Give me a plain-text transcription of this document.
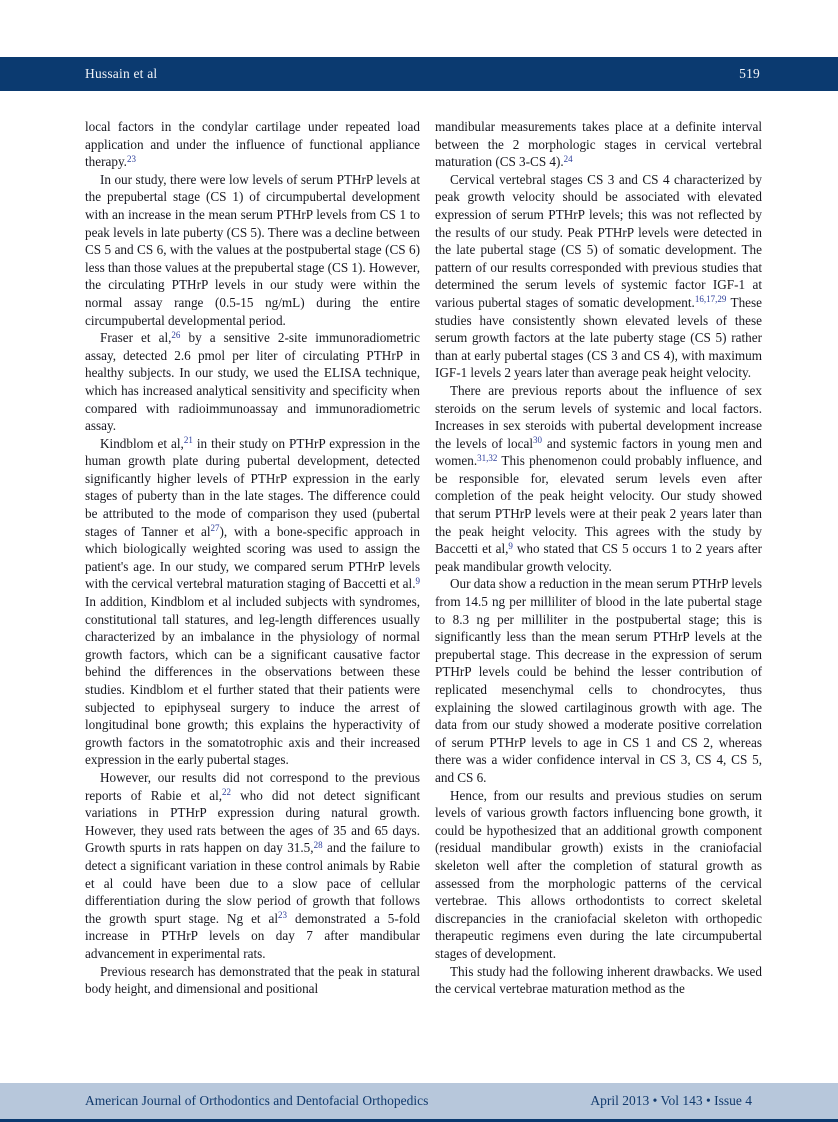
Hussain et al	519

local factors in the condylar cartilage under repeated load application and under the influence of functional appliance therapy.$^{23}$

In our study, there were low levels of serum PTHrP levels at the prepubertal stage (CS 1) of circumpubertal development with an increase in the mean serum PTHrP levels from CS 1 to peak levels in late puberty (CS 5). There was a decline between CS 5 and CS 6, with the values at the postpubertal stage (CS 6) less than those values at the prepubertal stage (CS 1). However, the circulating PTHrP levels in our study were within the normal assay range (0.5-15 ng/mL) during the entire circumpubertal developmental period.

Fraser et al,$^{26}$ by a sensitive 2-site immunoradiometric assay, detected 2.6 pmol per liter of circulating PTHrP in healthy subjects. In our study, we used the ELISA technique, which has increased analytical sensitivity and specificity when compared with radioimmunoassay and immunoradiometric assay.

Kindblom et al,$^{21}$ in their study on PTHrP expression in the human growth plate during pubertal development, detected significantly higher levels of PTHrP expression in the early stages of puberty than in the late stages. The difference could be attributed to the mode of comparison they used (pubertal stages of Tanner et al$^{27}$), with a bone-specific approach in which biologically weighted scoring was used to assign the patient's age. In our study, we compared serum PTHrP levels with the cervical vertebral maturation staging of Baccetti et al.$^9$ In addition, Kindblom et al included subjects with syndromes, constitutional tall statures, and leg-length differences usually characterized by an imbalance in the physiology of normal growth factors, which can be a significant causative factor behind the differences in the observations between these studies. Kindblom et el further stated that their patients were subjected to epiphyseal surgery to induce the arrest of longitudinal bone growth; this explains the hyperactivity of growth factors in the somatotrophic axis and their increased expression in the early pubertal stages.

However, our results did not correspond to the previous reports of Rabie et al,$^{22}$ who did not detect significant variations in PTHrP expression during natural growth. However, they used rats between the ages of 35 and 65 days. Growth spurts in rats happen on day 31.5,28 and the failure to detect a significant variation in these control animals by Rabie et al could have been due to a slow pace of cellular differentiation during the slow period of growth that follows the growth spurt stage. Ng et al$^{23}$ demonstrated a 5-fold increase in PTHrP levels on day 7 after mandibular advancement in experimental rats.

Previous research has demonstrated that the peak in statural body height, and dimensional and positional

mandibular measurements takes place at a definite interval between the 2 morphologic stages in cervical vertebral maturation (CS 3-CS 4).$^{24}$

Cervical vertebral stages CS 3 and CS 4 characterized by peak growth velocity should be associated with elevated expression of serum PTHrP levels; this was not reflected by the results of our study. Peak PTHrP levels were detected in the late pubertal stage (CS 5) of somatic development. The pattern of our results corresponded with previous studies that determined the serum levels of systemic factor IGF-1 at various pubertal stages of somatic development.$^{16,17,29}$ These studies have consistently shown elevated levels of these serum growth factors at the late puberty stage (CS 5) rather than at early pubertal stages (CS 3 and CS 4), with maximum IGF-1 levels 2 years later than average peak height velocity.

There are previous reports about the influence of sex steroids on the serum levels of systemic and local factors. Increases in sex steroids with pubertal development increase the levels of local$^{30}$ and systemic factors in young men and women.$^{31,32}$ This phenomenon could probably influence, and be responsible for, elevated serum levels even after completion of the peak height velocity. Our study showed that serum PTHrP levels were at their peak 2 years later than the peak height velocity. This agrees with the study by Baccetti et al,$^9$ who stated that CS 5 occurs 1 to 2 years after peak mandibular growth velocity.

Our data show a reduction in the mean serum PTHrP levels from 14.5 ng per milliliter of blood in the late pubertal stage to 8.3 ng per milliliter in the postpubertal stage; this is significantly less than the mean serum PTHrP levels at the prepubertal stage. This decrease in the expression of serum PTHrP levels could be behind the lesser contribution of replicated mesenchymal cells to chondrocytes, thus explaining the slowed cartilaginous growth with age. The data from our study showed a moderate positive correlation of serum PTHrP levels to age in CS 1 and CS 2, whereas there was a wider confidence interval in CS 3, CS 4, CS 5, and CS 6.

Hence, from our results and previous studies on serum levels of various growth factors influencing bone growth, it could be hypothesized that an additional growth component (residual mandibular growth) exists in the craniofacial skeleton well after the completion of statural growth as assessed from the morphologic patterns of the cervical vertebrae. This allows orthodontists to correct skeletal discrepancies in the craniofacial skeleton with orthopedic therapeutic regimens even during the late circumpubertal stages of development.

This study had the following inherent drawbacks. We used the cervical vertebrae maturation method as the

American Journal of Orthodontics and Dentofacial Orthopedics	April 2013 • Vol 143 • Issue 4
